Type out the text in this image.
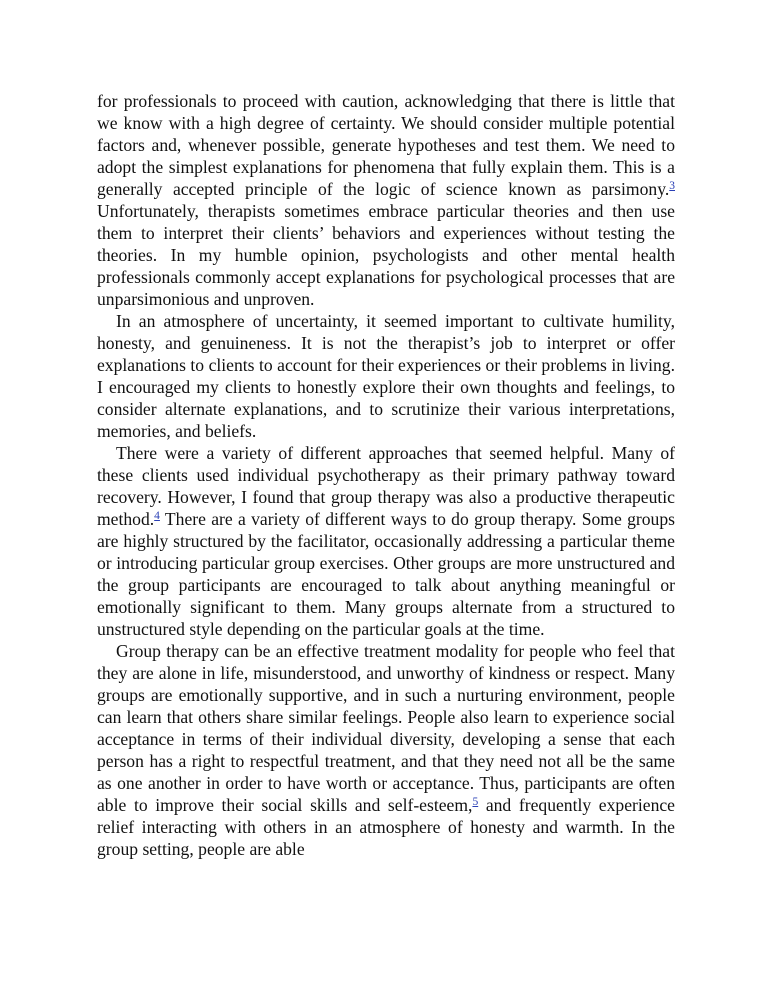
for professionals to proceed with caution, acknowledging that there is little that we know with a high degree of certainty. We should consider multiple potential factors and, whenever possible, generate hypotheses and test them. We need to adopt the simplest explanations for phenomena that fully explain them. This is a generally accepted principle of the logic of science known as parsimony.$^3$ Unfortunately, therapists sometimes embrace particular theories and then use them to interpret their clients’ behaviors and experiences without testing the theories. In my humble opinion, psychologists and other mental health professionals commonly accept explanations for psychological processes that are unparsimonious and unproven.

In an atmosphere of uncertainty, it seemed important to cultivate humility, honesty, and genuineness. It is not the therapist’s job to interpret or offer explanations to clients to account for their experiences or their problems in living. I encouraged my clients to honestly explore their own thoughts and feelings, to consider alternate explanations, and to scrutinize their various interpretations, memories, and beliefs.

There were a variety of different approaches that seemed helpful. Many of these clients used individual psychotherapy as their primary pathway toward recovery. However, I found that group therapy was also a productive therapeutic method.$^4$ There are a variety of different ways to do group therapy. Some groups are highly structured by the facilitator, occasionally addressing a particular theme or introducing particular group exercises. Other groups are more unstructured and the group participants are encouraged to talk about anything meaningful or emotionally significant to them. Many groups alternate from a structured to unstructured style depending on the particular goals at the time.

Group therapy can be an effective treatment modality for people who feel that they are alone in life, misunderstood, and unworthy of kindness or respect. Many groups are emotionally supportive, and in such a nurturing environment, people can learn that others share similar feelings. People also learn to experience social acceptance in terms of their individual diversity, developing a sense that each person has a right to respectful treatment, and that they need not all be the same as one another in order to have worth or acceptance. Thus, participants are often able to improve their social skills and self-esteem,$^5$ and frequently experience relief interacting with others in an atmosphere of honesty and warmth. In the group setting, people are able
